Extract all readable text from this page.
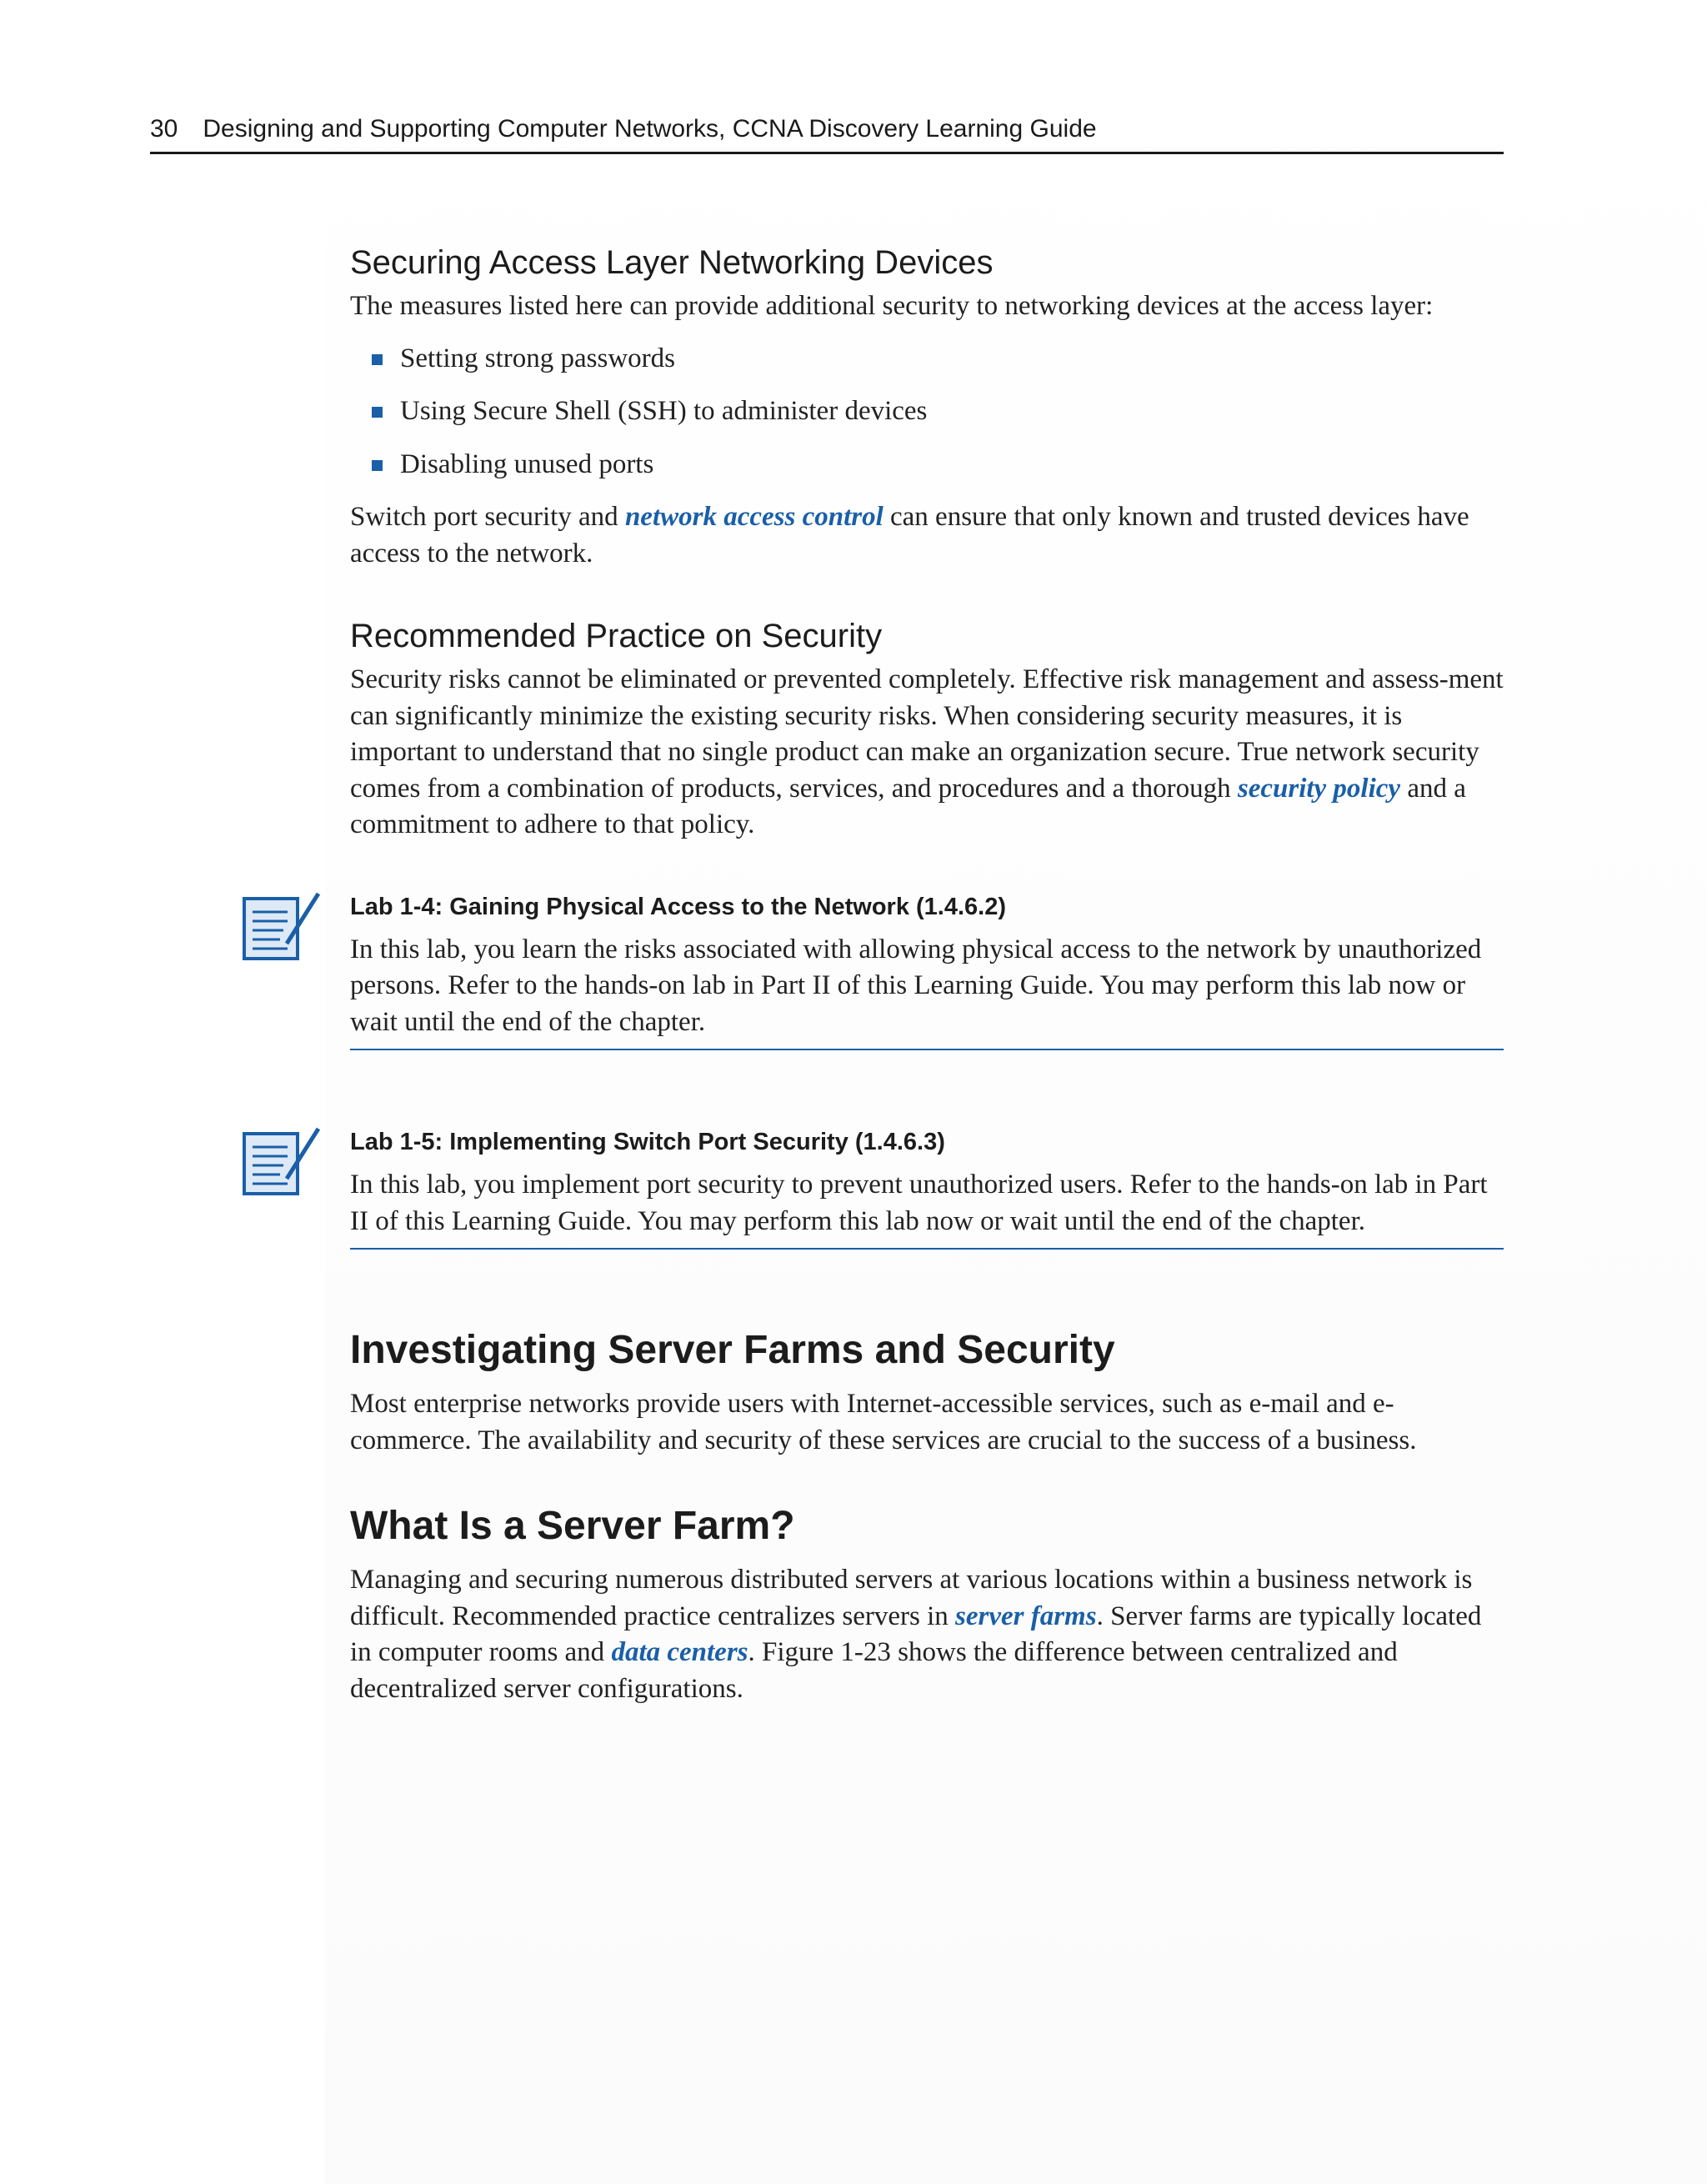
30 Designing and Supporting Computer Networks, CCNA Discovery Learning Guide
Securing Access Layer Networking Devices

The measures listed here can provide additional security to networking devices at the access layer:

Setting strong passwords
Using Secure Shell (SSH) to administer devices
Disabling unused ports

Switch port security and network access control can ensure that only known and trusted devices have access to the network.

Recommended Practice on Security

Security risks cannot be eliminated or prevented completely. Effective risk management and assess-ment can significantly minimize the existing security risks. When considering security measures, it is important to understand that no single product can make an organization secure. True network security comes from a combination of products, services, and procedures and a thorough security policy and a commitment to adhere to that policy.

Lab 1-4: Gaining Physical Access to the Network (1.4.6.2)

In this lab, you learn the risks associated with allowing physical access to the network by unauthorized persons. Refer to the hands-on lab in Part II of this Learning Guide. You may perform this lab now or wait until the end of the chapter.

Lab 1-5: Implementing Switch Port Security (1.4.6.3)

In this lab, you implement port security to prevent unauthorized users. Refer to the hands-on lab in Part II of this Learning Guide. You may perform this lab now or wait until the end of the chapter.

Investigating Server Farms and Security

Most enterprise networks provide users with Internet-accessible services, such as e-mail and e-commerce. The availability and security of these services are crucial to the success of a business.

What Is a Server Farm?

Managing and securing numerous distributed servers at various locations within a business network is difficult. Recommended practice centralizes servers in server farms. Server farms are typically located in computer rooms and data centers. Figure 1-23 shows the difference between centralized and decentralized server configurations.
